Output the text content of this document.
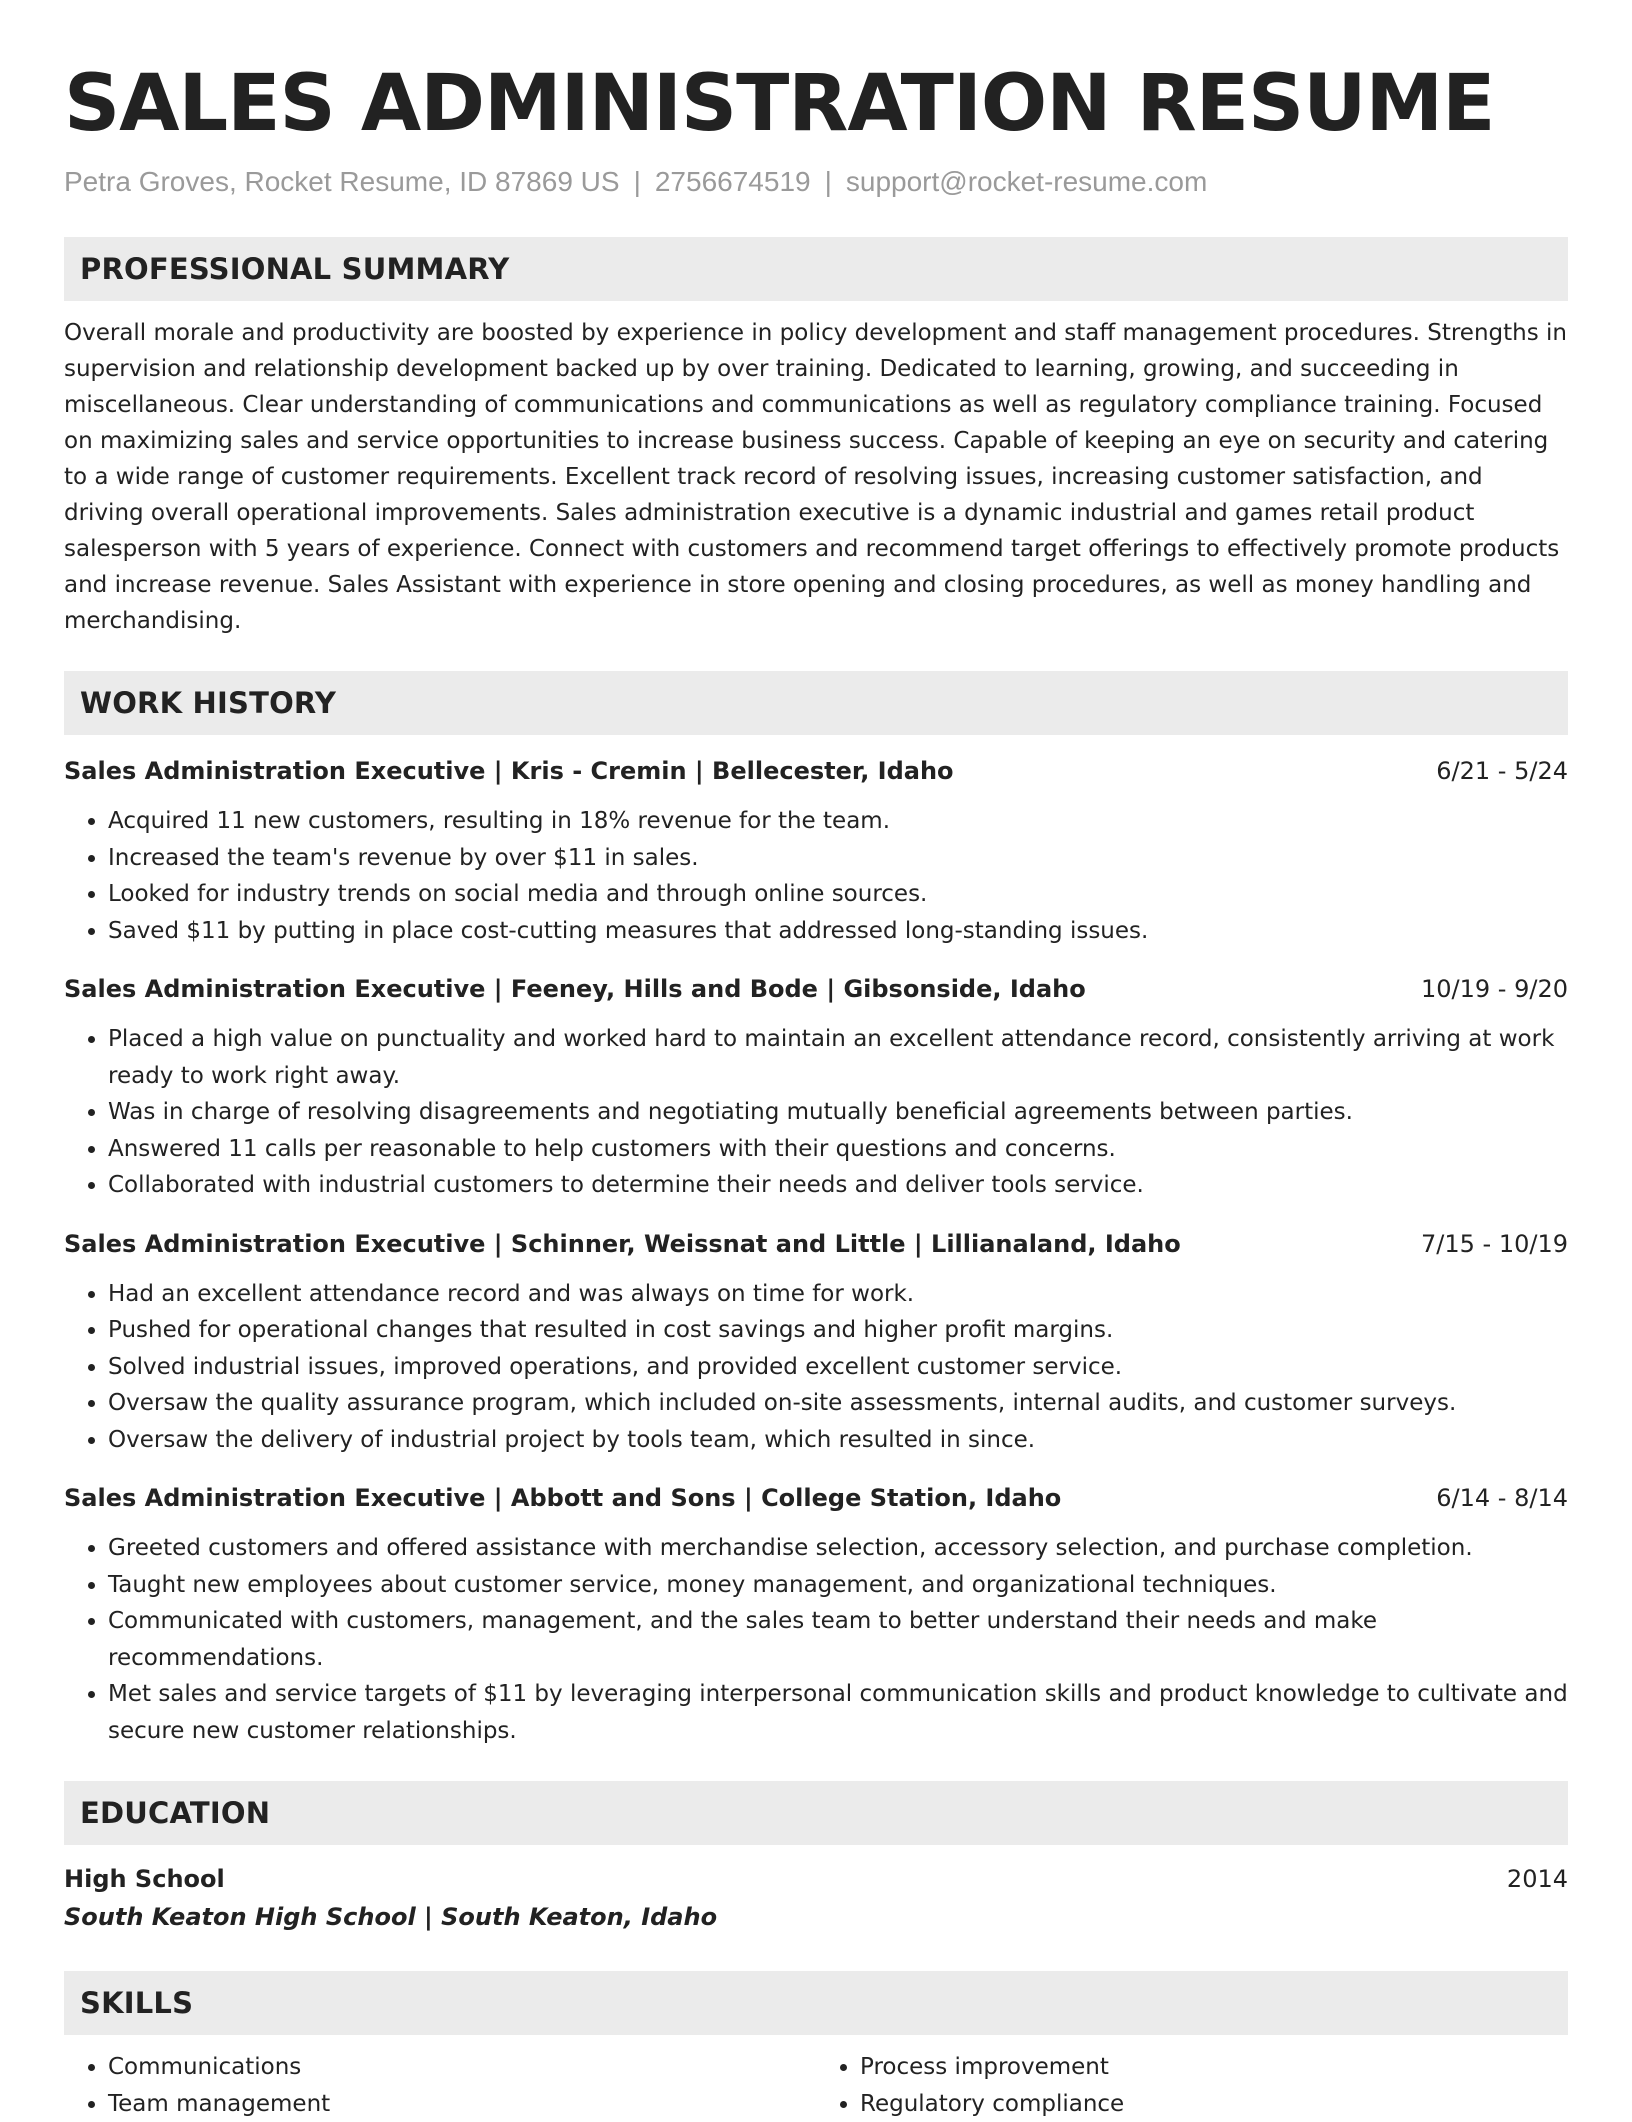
SALES ADMINISTRATION RESUME
Petra Groves, Rocket Resume, ID 87869 US | 2756674519 | support@rocket-resume.com
PROFESSIONAL SUMMARY

Overall morale and productivity are boosted by experience in policy development and staff management procedures. Strengths in supervision and relationship development backed up by over training. Dedicated to learning, growing, and succeeding in miscellaneous. Clear understanding of communications and communications as well as regulatory compliance training. Focused on maximizing sales and service opportunities to increase business success. Capable of keeping an eye on security and catering to a wide range of customer requirements. Excellent track record of resolving issues, increasing customer satisfaction, and driving overall operational improvements. Sales administration executive is a dynamic industrial and games retail product salesperson with 5 years of experience. Connect with customers and recommend target offerings to effectively promote products and increase revenue. Sales Assistant with experience in store opening and closing procedures, as well as money handling and merchandising.

WORK HISTORY
Sales Administration Executive | Kris - Cremin | Bellecester, Idaho	6/21 - 5/24
• Acquired 11 new customers, resulting in 18% revenue for the team.
• Increased the team's revenue by over $11 in sales.
• Looked for industry trends on social media and through online sources.
• Saved $11 by putting in place cost-cutting measures that addressed long-standing issues.
Sales Administration Executive | Feeney, Hills and Bode | Gibsonside, Idaho	10/19 - 9/20
• Placed a high value on punctuality and worked hard to maintain an excellent attendance record, consistently arriving at work ready to work right away.
• Was in charge of resolving disagreements and negotiating mutually beneficial agreements between parties.
• Answered 11 calls per reasonable to help customers with their questions and concerns.
• Collaborated with industrial customers to determine their needs and deliver tools service.
Sales Administration Executive | Schinner, Weissnat and Little | Lillianaland, Idaho	7/15 - 10/19
• Had an excellent attendance record and was always on time for work.
• Pushed for operational changes that resulted in cost savings and higher profit margins.
• Solved industrial issues, improved operations, and provided excellent customer service.
• Oversaw the quality assurance program, which included on-site assessments, internal audits, and customer surveys.
• Oversaw the delivery of industrial project by tools team, which resulted in since.
Sales Administration Executive | Abbott and Sons | College Station, Idaho	6/14 - 8/14
• Greeted customers and offered assistance with merchandise selection, accessory selection, and purchase completion.
• Taught new employees about customer service, money management, and organizational techniques.
• Communicated with customers, management, and the sales team to better understand their needs and make recommendations.
• Met sales and service targets of $11 by leveraging interpersonal communication skills and product knowledge to cultivate and secure new customer relationships.
EDUCATION
High School	2014
South Keaton High School | South Keaton, Idaho
SKILLS
• Communications
• Team management
• Process improvement
• Regulatory compliance
